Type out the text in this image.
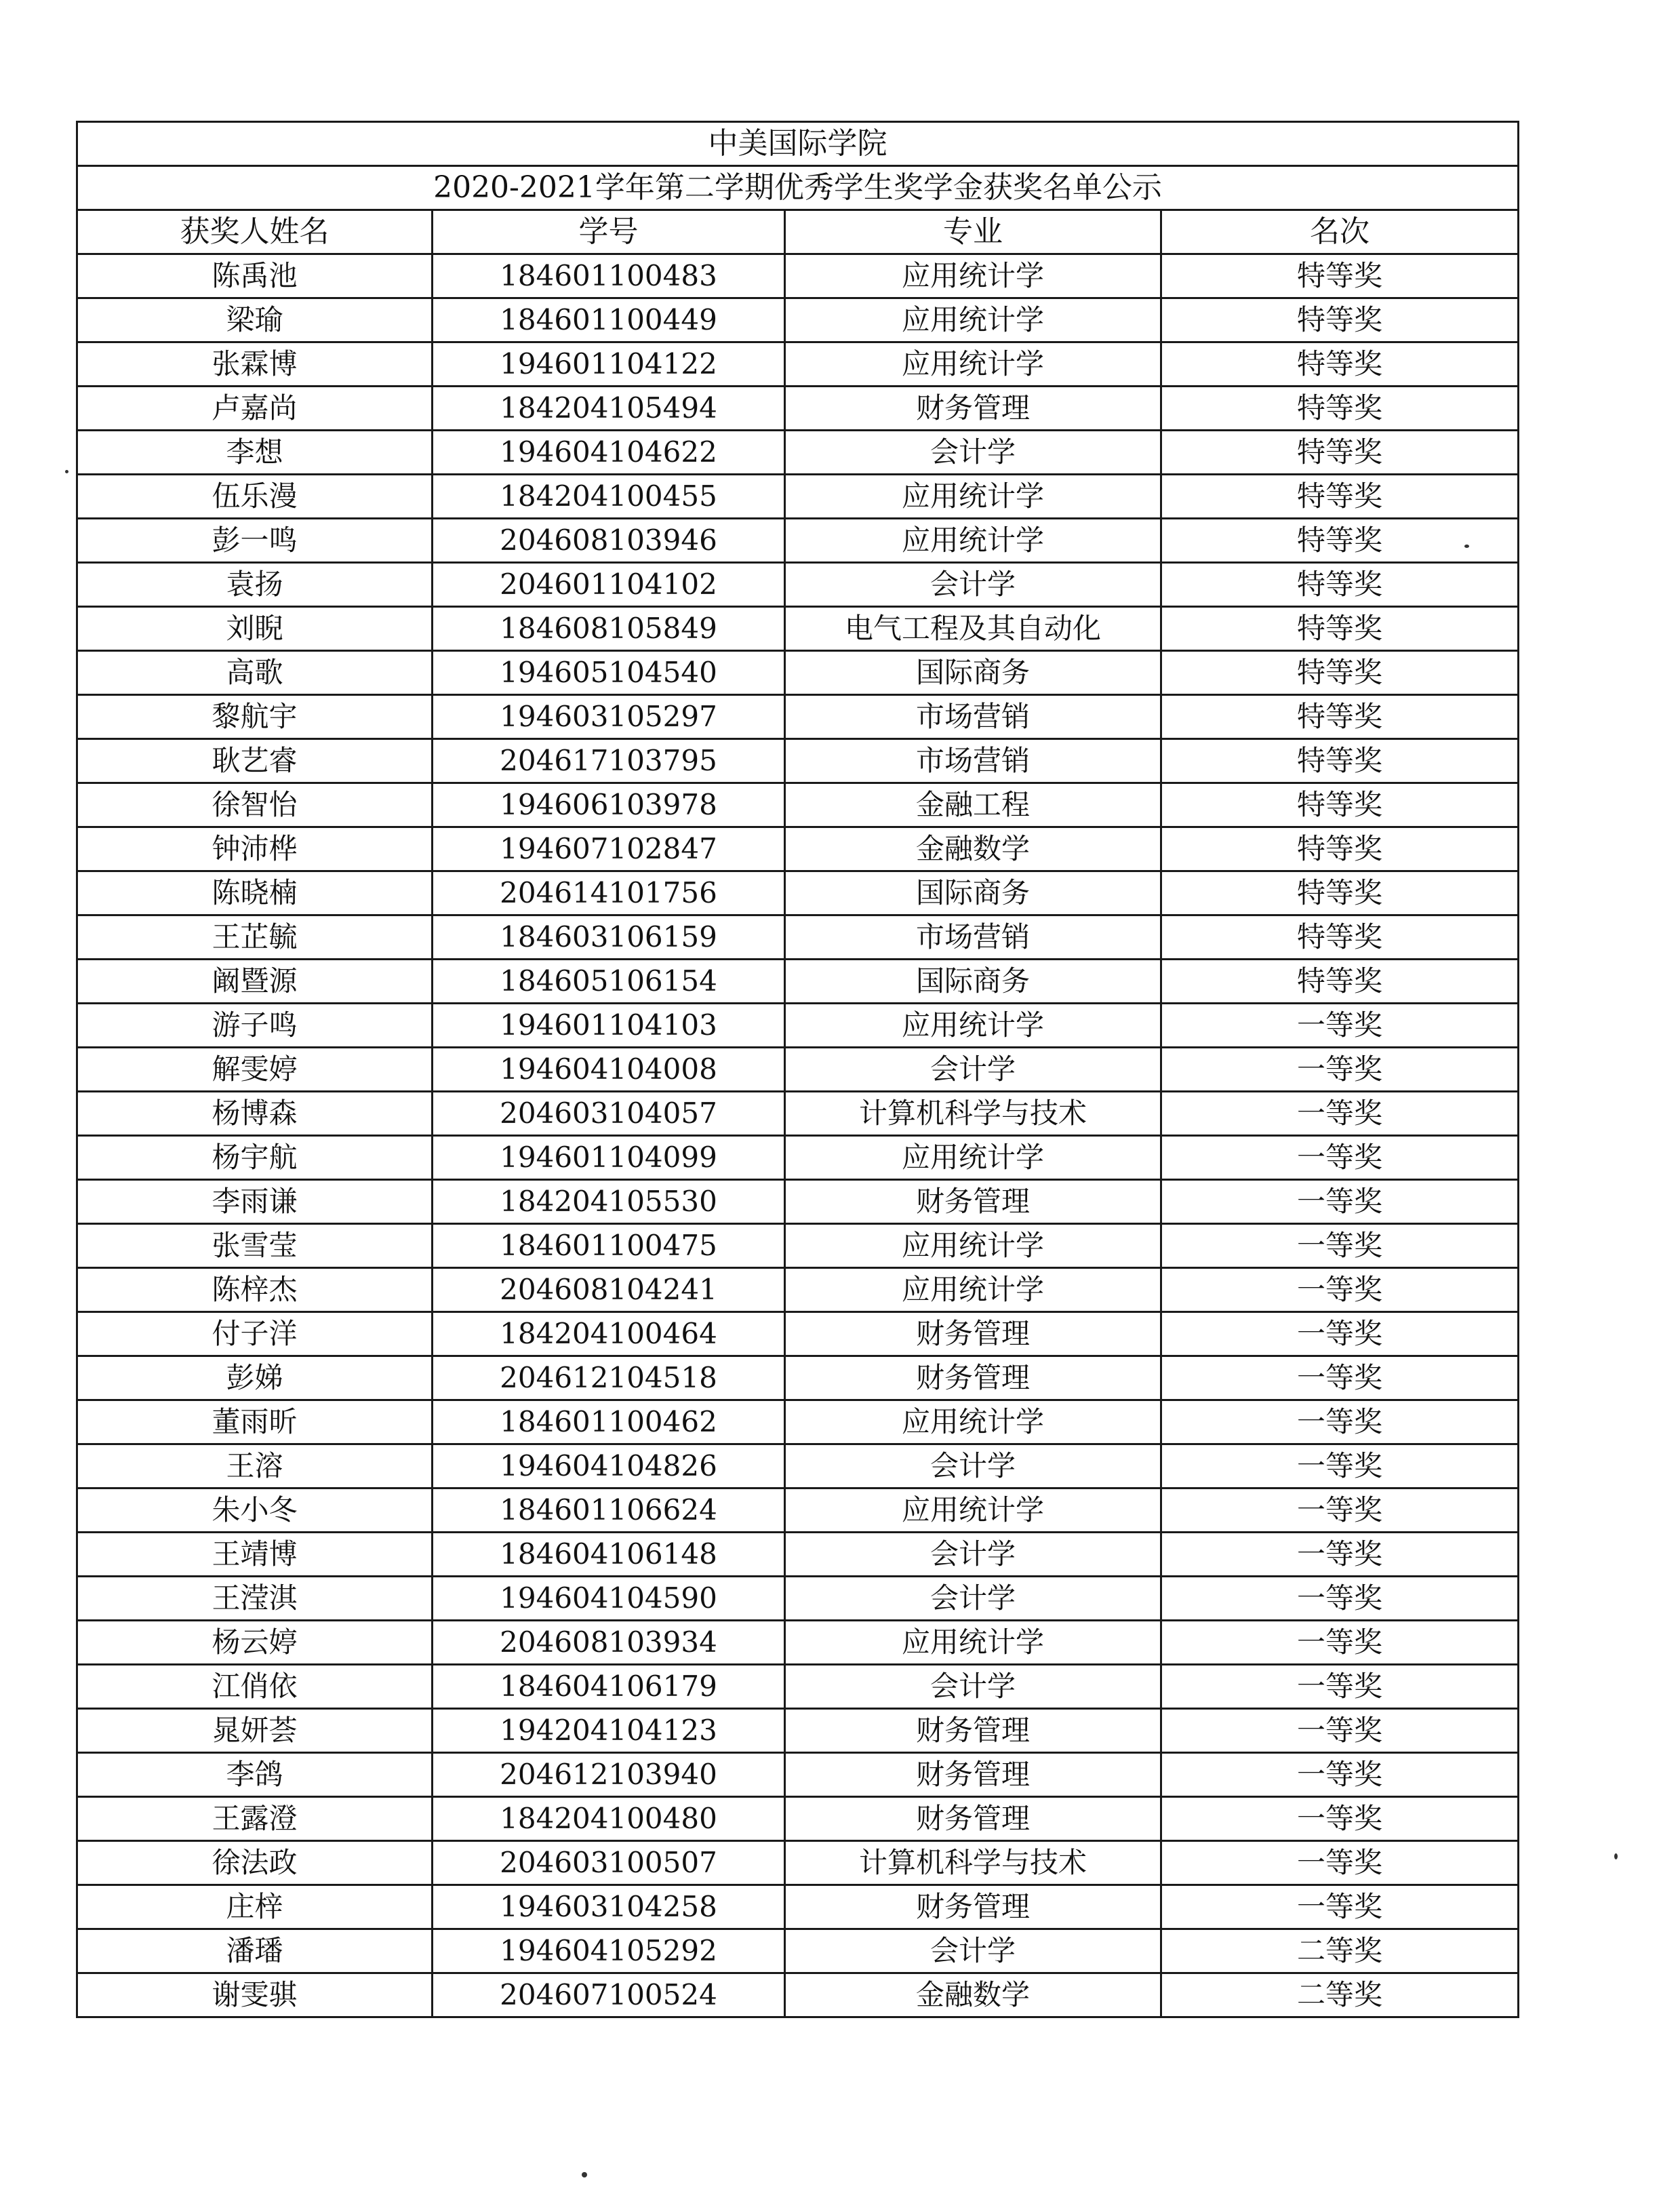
中美国际学院			
2020-2021学年第二学期优秀学生奖学金获奖名单公示			
获奖人姓名	学号	专业	名次
陈禹池	184601100483	应用统计学	特等奖
梁瑜	184601100449	应用统计学	特等奖
张霖博	194601104122	应用统计学	特等奖
卢嘉尚	184204105494	财务管理	特等奖
李想	194604104622	会计学	特等奖
伍乐漫	184204100455	应用统计学	特等奖
彭一鸣	204608103946	应用统计学	特等奖
袁扬	204601104102	会计学	特等奖
刘睨	184608105849	电气工程及其自动化	特等奖
高歌	194605104540	国际商务	特等奖
黎航宇	194603105297	市场营销	特等奖
耿艺睿	204617103795	市场营销	特等奖
徐智怡	194606103978	金融工程	特等奖
钟沛桦	194607102847	金融数学	特等奖
陈晓楠	204614101756	国际商务	特等奖
王芷毓	184603106159	市场营销	特等奖
阚暨源	184605106154	国际商务	特等奖
游子鸣	194601104103	应用统计学	一等奖
解雯婷	194604104008	会计学	一等奖
杨博森	204603104057	计算机科学与技术	一等奖
杨宇航	194601104099	应用统计学	一等奖
李雨谦	184204105530	财务管理	一等奖
张雪莹	184601100475	应用统计学	一等奖
陈梓杰	204608104241	应用统计学	一等奖
付子洋	184204100464	财务管理	一等奖
彭娣	204612104518	财务管理	一等奖
董雨昕	184601100462	应用统计学	一等奖
王溶	194604104826	会计学	一等奖
朱小冬	184601106624	应用统计学	一等奖
王靖博	184604106148	会计学	一等奖
王滢淇	194604104590	会计学	一等奖
杨云婷	204608103934	应用统计学	一等奖
江俏依	184604106179	会计学	一等奖
晁妍荟	194204104123	财务管理	一等奖
李鸽	204612103940	财务管理	一等奖
王露澄	184204100480	财务管理	一等奖
徐法政	204603100507	计算机科学与技术	一等奖
庄梓	194603104258	财务管理	一等奖
潘璠	194604105292	会计学	二等奖
谢雯骐	204607100524	金融数学	二等奖
